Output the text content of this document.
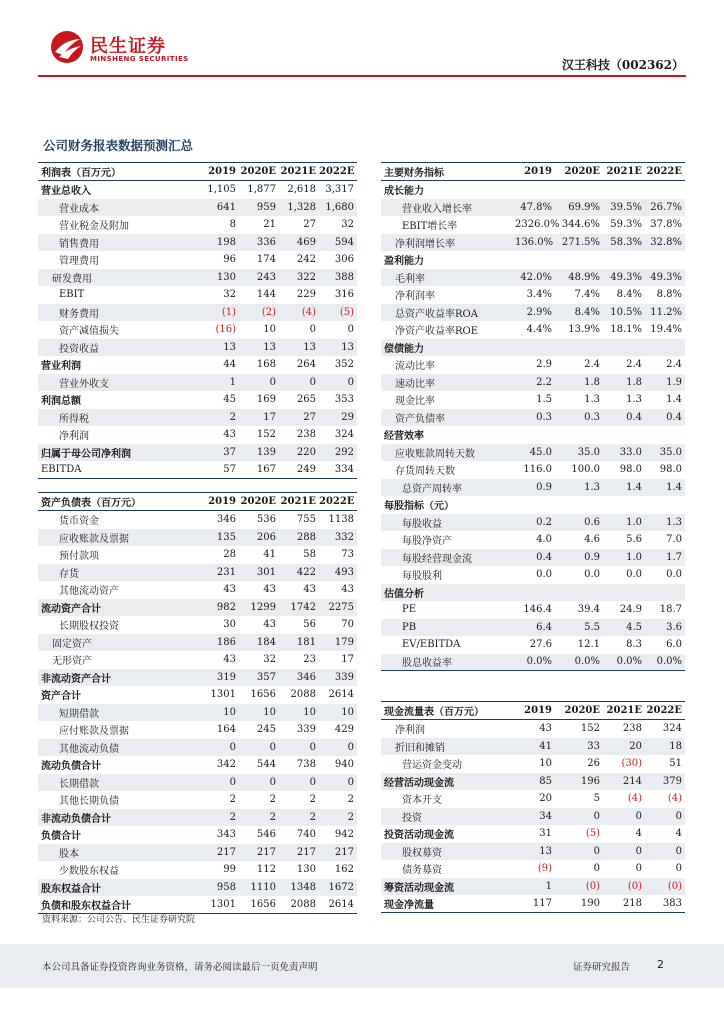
民生证券
MINSHENG SECURITIES	汉王科技（002362）
公司财务报表数据预测汇总
利润表（百万元）	2019 2020E 2021E 2022E
营业总收入	1,105	1,877	2,618 3,317
营业成本	641	959	1,328 1,680
营业税金及附加	8	21	27	32
销售费用	198	336	469	594
管理费用	96	174	242	306
研发费用	130	243	322	388
EBIT	32	144	229	316
财务费用	(1)	(2)	(4)	(5)
资产减值损失	(16)	10	0	0
投资收益	13	13	13	13
营业利润	44	168	264	352
营业外收支	1	0	0	0
利润总额	45	169	265	353
所得税	2	17	27	29
净利润	43	152	238	324
归属于母公司净利润	37	139	220	292
EBITDA	57	167	249	334
主要财务指标	2019	2020E 2021E 2022E
成长能力
营业收入增长率	47.8%	69.9%	39.5% 26.7%
EBIT增长率	2326.0% 344.6%	59.3% 37.8%
净利润增长率	136.0% 271.5%	58.3% 32.8%
盈利能力
毛利率	42.0%	48.9%	49.3% 49.3%
净利润率	3.4%	7.4%	8.4%	8.8%
总资产收益率ROA	2.9%	8.4%	10.5% 11.2%
净资产收益率ROE	4.4%	13.9%	18.1% 19.4%
偿债能力
流动比率	2.9	2.4	2.4	2.4
速动比率	2.2	1.8	1.8	1.9
现金比率	1.5	1.3	1.3	1.4
资产负债率	0.3	0.3	0.4	0.4
经营效率
应收账款周转天数	45.0	35.0	33.0	35.0
存货周转天数	116.0	100.0	98.0	98.0
总资产周转率	0.9	1.3	1.4	1.4
每股指标（元）
每股收益	0.2	0.6	1.0	1.3
每股净资产	4.0	4.6	5.6	7.0
每股经营现金流	0.4	0.9	1.0	1.7
每股股利	0.0	0.0	0.0	0.0
估值分析
PE	146.4	39.4	24.9	18.7
PB	6.4	5.5	4.5	3.6
EV/EBITDA	27.6	12.1	8.3	6.0
股息收益率	0.0%	0.0%	0.0%	0.0%
资产负债表（百万元）	2019 2020E 2021E 2022E
货币资金	346	536	755	1138
应收账款及票据	135	206	288	332
预付款项	28	41	58	73
存货	231	301	422	493
其他流动资产	43	43	43	43
流动资产合计	982	1299	1742	2275
长期股权投资	30	43	56	70
固定资产	186	184	181	179
无形资产	43	32	23	17
非流动资产合计	319	357	346	339
资产合计	1301	1656	2088	2614
短期借款	10	10	10	10
应付账款及票据	164	245	339	429
其他流动负债	0	0	0	0
流动负债合计	342	544	738	940
长期借款	0	0	0	0
其他长期负债	2	2	2	2
非流动负债合计	2	2	2	2
负债合计	343	546	740	942
股本	217	217	217	217
少数股东权益	99	112	130	162
股东权益合计	958	1110	1348	1672
负债和股东权益合计	1301	1656	2088	2614
现金流量表（百万元）	2019	2020E 2021E 2022E
净利润	43	152	238	324
折旧和摊销	41	33	20	18
营运资金变动	10	26	(30)	51
经营活动现金流	85	196	214	379
资本开支	20	5	(4)	(4)
投资	34	0	0	0
投资活动现金流	31	(5)	4	4
股权募资	13	0	0	0
债务募资	(9)	0	0	0
筹资活动现金流	1	(0)	(0)	(0)
现金净流量	117	190	218	383
资料来源：公司公告、民生证券研究院
本公司具备证券投资咨询业务资格，请务必阅读最后一页免责声明	证券研究报告 2
